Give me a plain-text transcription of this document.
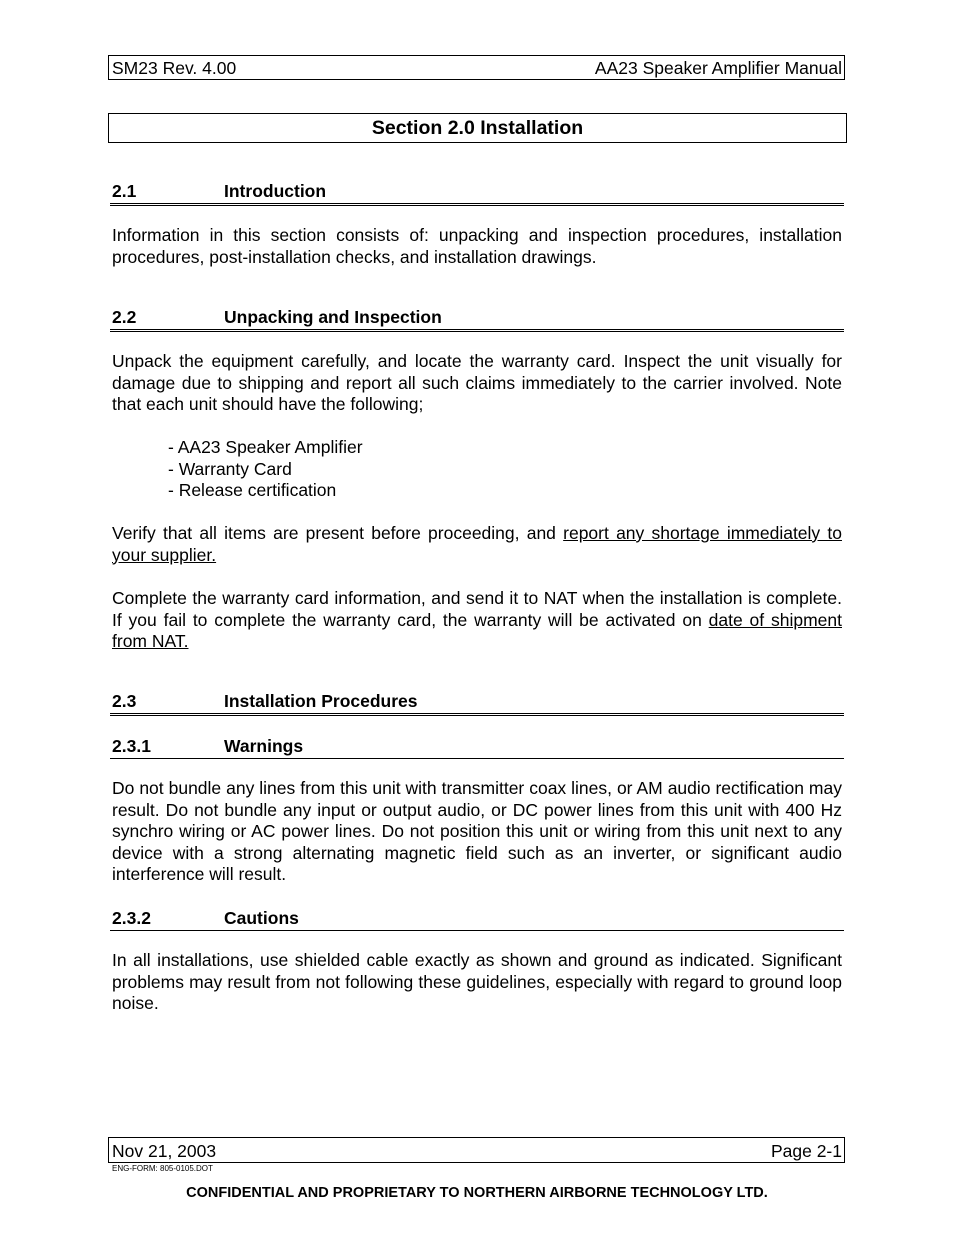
SM23 Rev. 4.00	AA23 Speaker Amplifier Manual
Section 2.0 Installation
2.1	Introduction
Information in this section consists of: unpacking and inspection procedures, installation procedures, post-installation checks, and installation drawings.
2.2	Unpacking and Inspection
Unpack the equipment carefully, and locate the warranty card. Inspect the unit visually for damage due to shipping and report all such claims immediately to the carrier involved. Note that each unit should have the following;
- AA23 Speaker Amplifier
- Warranty Card
- Release certification
Verify that all items are present before proceeding, and report any shortage immediately to your supplier.
Complete the warranty card information, and send it to NAT when the installation is complete. If you fail to complete the warranty card, the warranty will be activated on date of shipment from NAT.
2.3	Installation Procedures
2.3.1	Warnings
Do not bundle any lines from this unit with transmitter coax lines, or AM audio rectification may result. Do not bundle any input or output audio, or DC power lines from this unit with 400 Hz synchro wiring or AC power lines. Do not position this unit or wiring from this unit next to any device with a strong alternating magnetic field such as an inverter, or significant audio interference will result.
2.3.2	Cautions
In all installations, use shielded cable exactly as shown and ground as indicated. Significant problems may result from not following these guidelines, especially with regard to ground loop noise.
Nov 21, 2003	Page 2-1
ENG-FORM: 805-0105.DOT
CONFIDENTIAL AND PROPRIETARY TO NORTHERN AIRBORNE TECHNOLOGY LTD.
